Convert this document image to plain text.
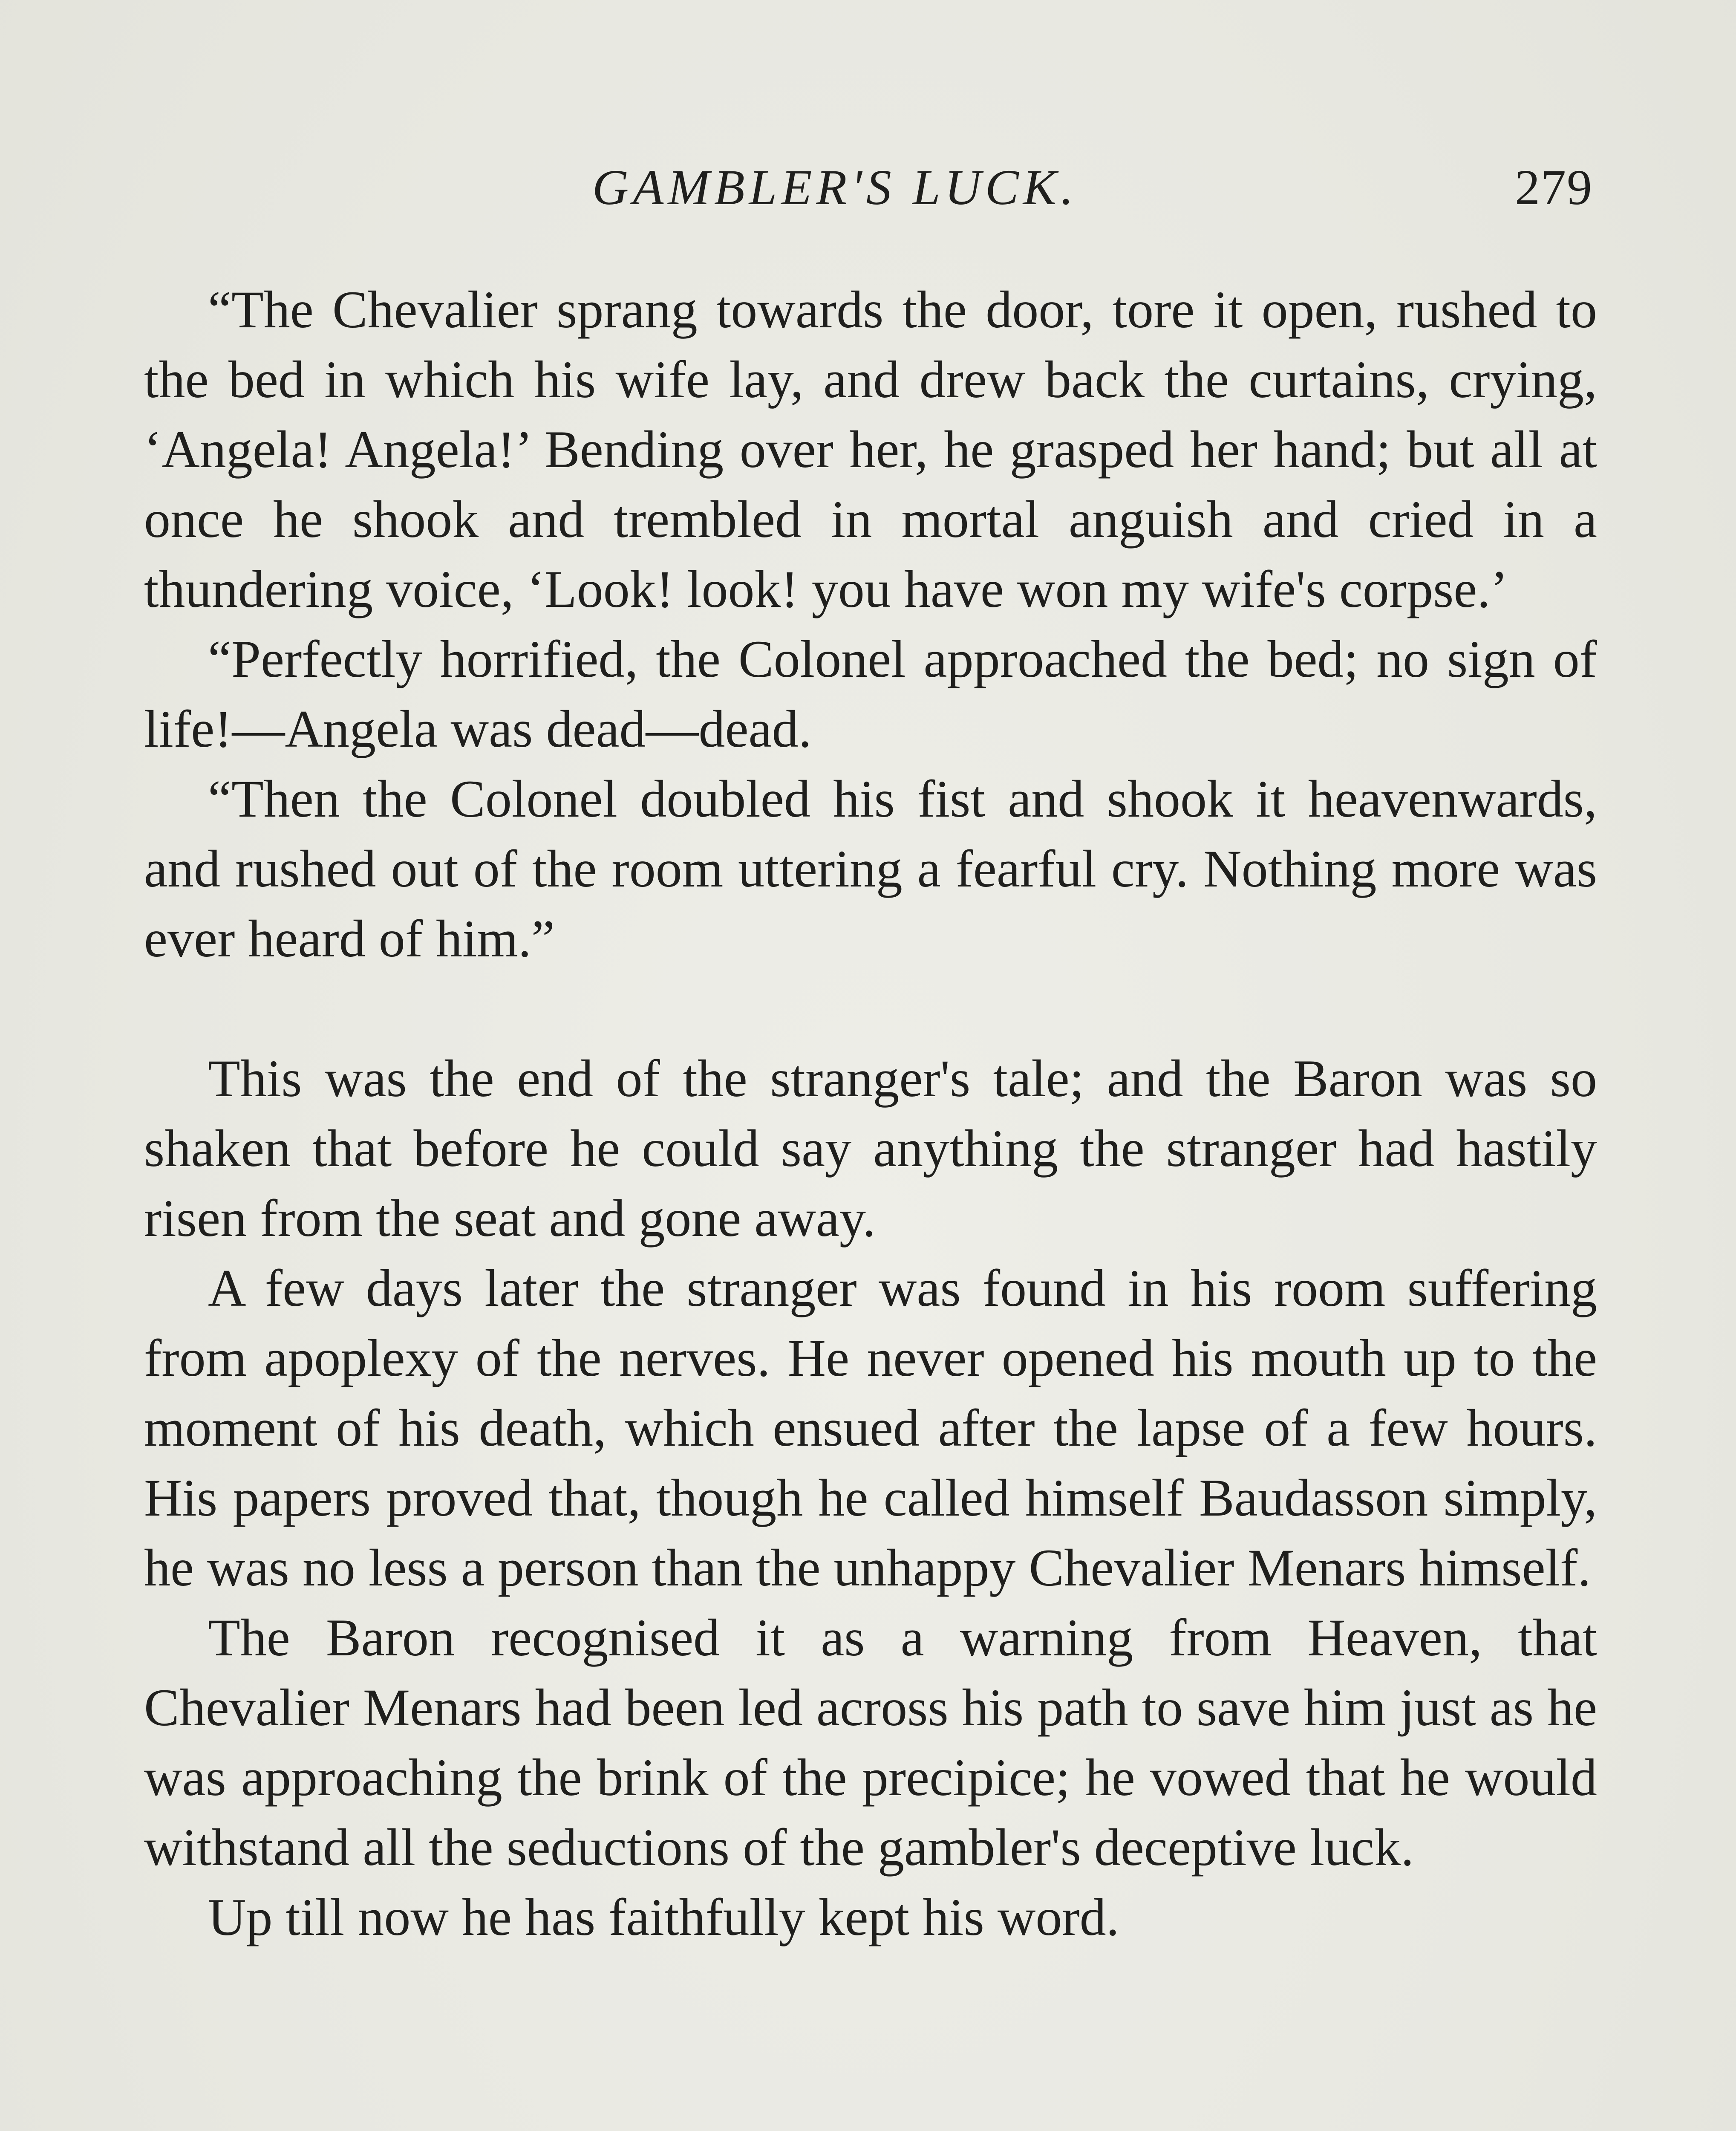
GAMBLER'S LUCK.	279

“The Chevalier sprang towards the door, tore it open, rushed to the bed in which his wife lay, and drew back the curtains, crying, ‘Angela! Angela!’ Bending over her, he grasped her hand; but all at once he shook and trembled in mortal anguish and cried in a thundering voice, ‘Look! look! you have won my wife's corpse.’

“Perfectly horrified, the Colonel approached the bed; no sign of life!—Angela was dead—dead.

“Then the Colonel doubled his fist and shook it heavenwards, and rushed out of the room uttering a fearful cry. Nothing more was ever heard of him.”

This was the end of the stranger's tale; and the Baron was so shaken that before he could say anything the stranger had hastily risen from the seat and gone away.

A few days later the stranger was found in his room suffering from apoplexy of the nerves. He never opened his mouth up to the moment of his death, which ensued after the lapse of a few hours. His papers proved that, though he called himself Baudasson simply, he was no less a person than the unhappy Chevalier Menars himself.

The Baron recognised it as a warning from Heaven, that Chevalier Menars had been led across his path to save him just as he was approaching the brink of the precipice; he vowed that he would withstand all the seductions of the gambler's deceptive luck.

Up till now he has faithfully kept his word.
